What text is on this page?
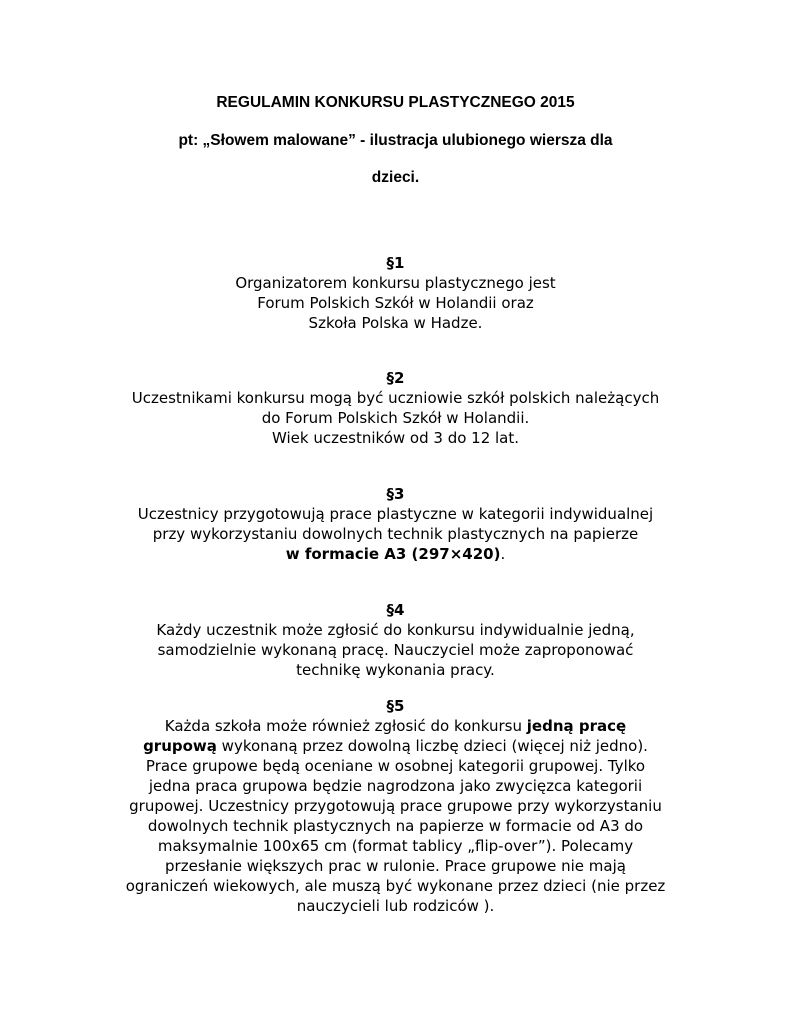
REGULAMIN KONKURSU PLASTYCZNEGO 2015
pt: „Słowem malowane” - ilustracja ulubionego wiersza dla
dzieci.
§1
Organizatorem konkursu plastycznego jest
Forum Polskich Szkół w Holandii oraz
Szkoła Polska w Hadze.
§2
Uczestnikami konkursu mogą być uczniowie szkół polskich należących
do Forum Polskich Szkół w Holandii.
Wiek uczestników od 3 do 12 lat.
§3
Uczestnicy przygotowują prace plastyczne w kategorii indywidualnej
przy wykorzystaniu dowolnych technik plastycznych na papierze
w formacie A3 (297×420).
§4
Każdy uczestnik może zgłosić do konkursu indywidualnie jedną,
samodzielnie wykonaną pracę. Nauczyciel może zaproponować
technikę wykonania pracy.
§5
Każda szkoła może również zgłosić do konkursu jedną pracę
grupową wykonaną przez dowolną liczbę dzieci (więcej niż jedno).
Prace grupowe będą oceniane w osobnej kategorii grupowej. Tylko
jedna praca grupowa będzie nagrodzona jako zwycięzca kategorii
grupowej. Uczestnicy przygotowują prace grupowe przy wykorzystaniu
dowolnych technik plastycznych na papierze w formacie od A3 do
maksymalnie 100x65 cm (format tablicy „flip-over”). Polecamy
przesłanie większych prac w rulonie. Prace grupowe nie mają
ograniczeń wiekowych, ale muszą być wykonane przez dzieci (nie przez
nauczycieli lub rodziców ).
